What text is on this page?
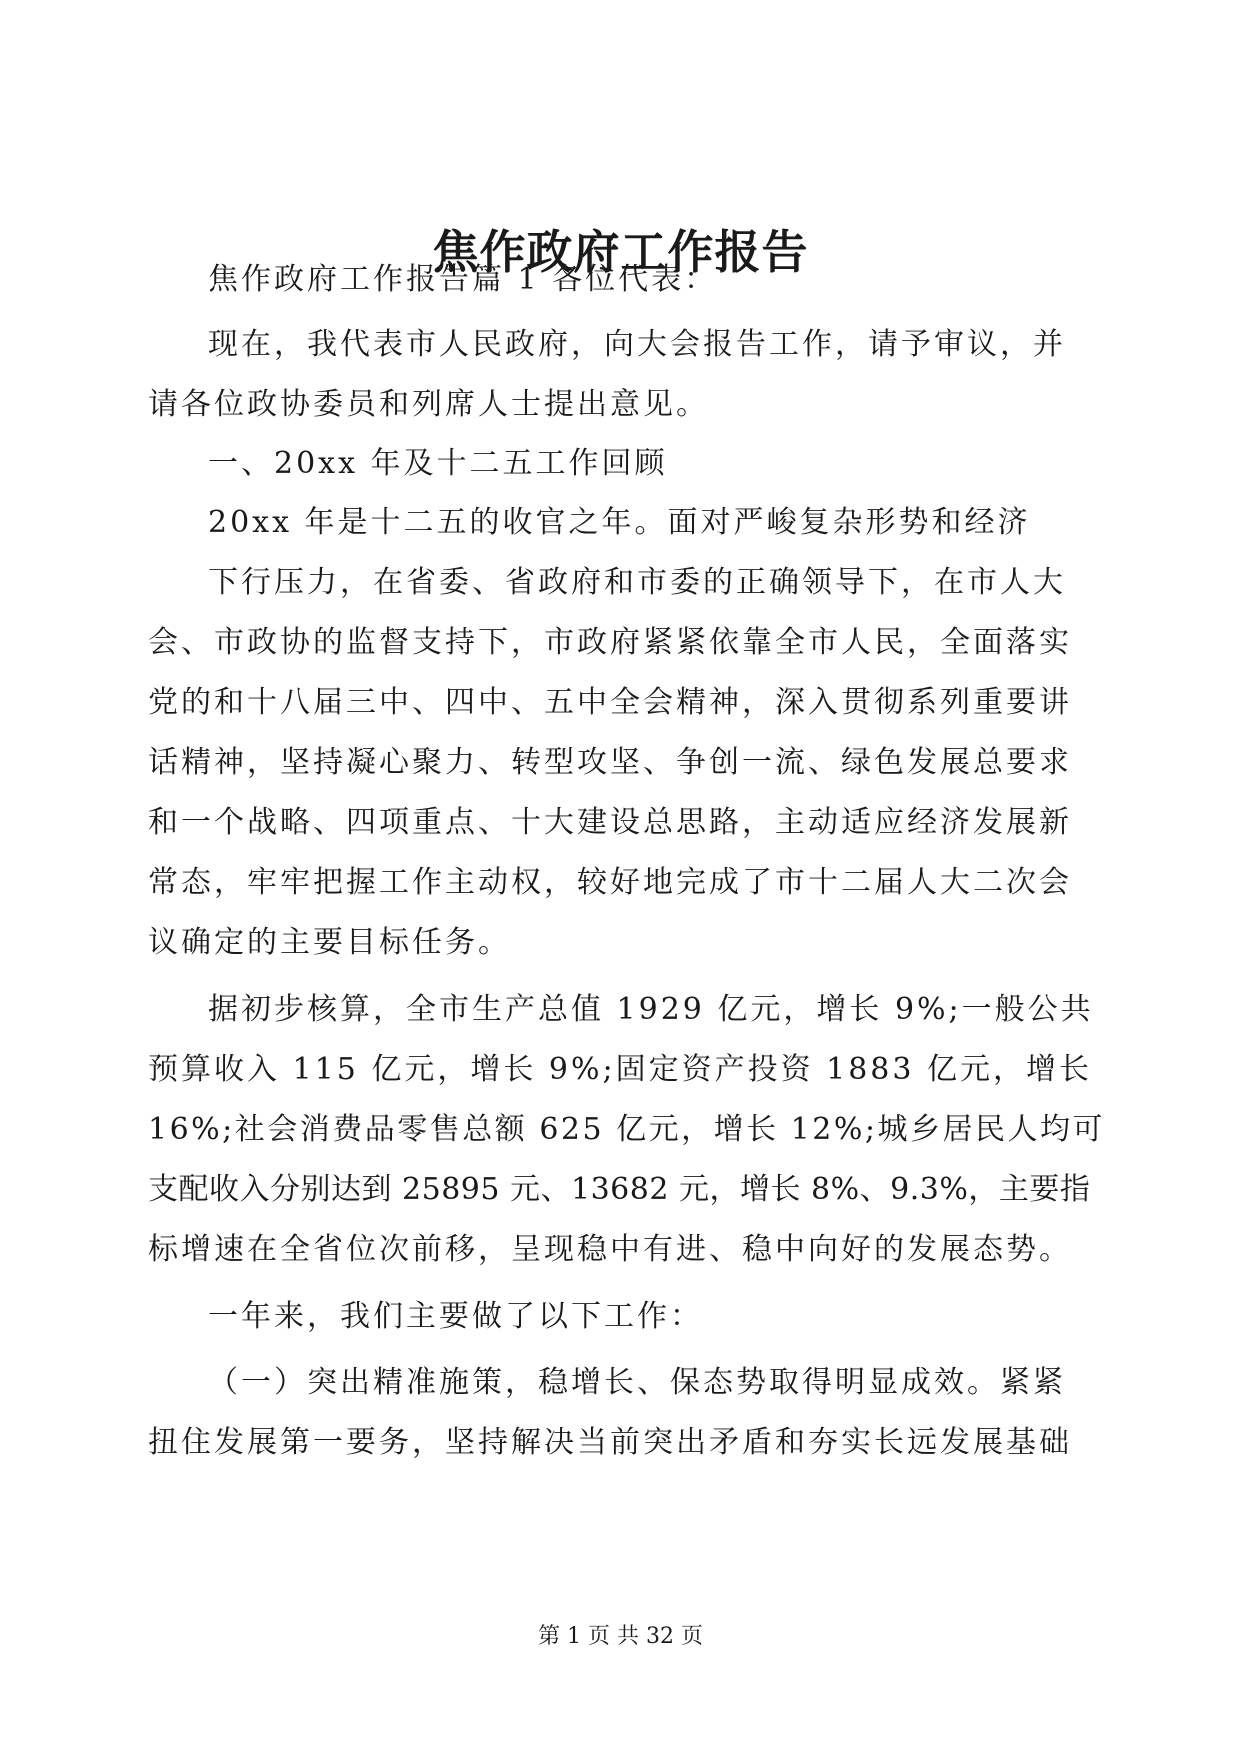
焦作政府工作报告
焦作政府工作报告篇 1 各位代表：
现在，我代表市人民政府，向大会报告工作，请予审议，并
请各位政协委员和列席人士提出意见。
一、20xx 年及十二五工作回顾
20xx 年是十二五的收官之年。面对严峻复杂形势和经济
下行压力，在省委、省政府和市委的正确领导下，在市人大
会、市政协的监督支持下，市政府紧紧依靠全市人民，全面落实
党的和十八届三中、四中、五中全会精神，深入贯彻系列重要讲
话精神，坚持凝心聚力、转型攻坚、争创一流、绿色发展总要求
和一个战略、四项重点、十大建设总思路，主动适应经济发展新
常态，牢牢把握工作主动权，较好地完成了市十二届人大二次会
议确定的主要目标任务。
据初步核算，全市生产总值 1929 亿元，增长 9%;一般公共
预算收入 115 亿元，增长 9%;固定资产投资 1883 亿元，增长
16%;社会消费品零售总额 625 亿元，增长 12%;城乡居民人均可
支配收入分别达到 25895 元、13682 元，增长 8%、9.3%，主要指
标增速在全省位次前移，呈现稳中有进、稳中向好的发展态势。
一年来，我们主要做了以下工作：
（一）突出精准施策，稳增长、保态势取得明显成效。紧紧
扭住发展第一要务，坚持解决当前突出矛盾和夯实长远发展基础
第 1 页 共 32 页
